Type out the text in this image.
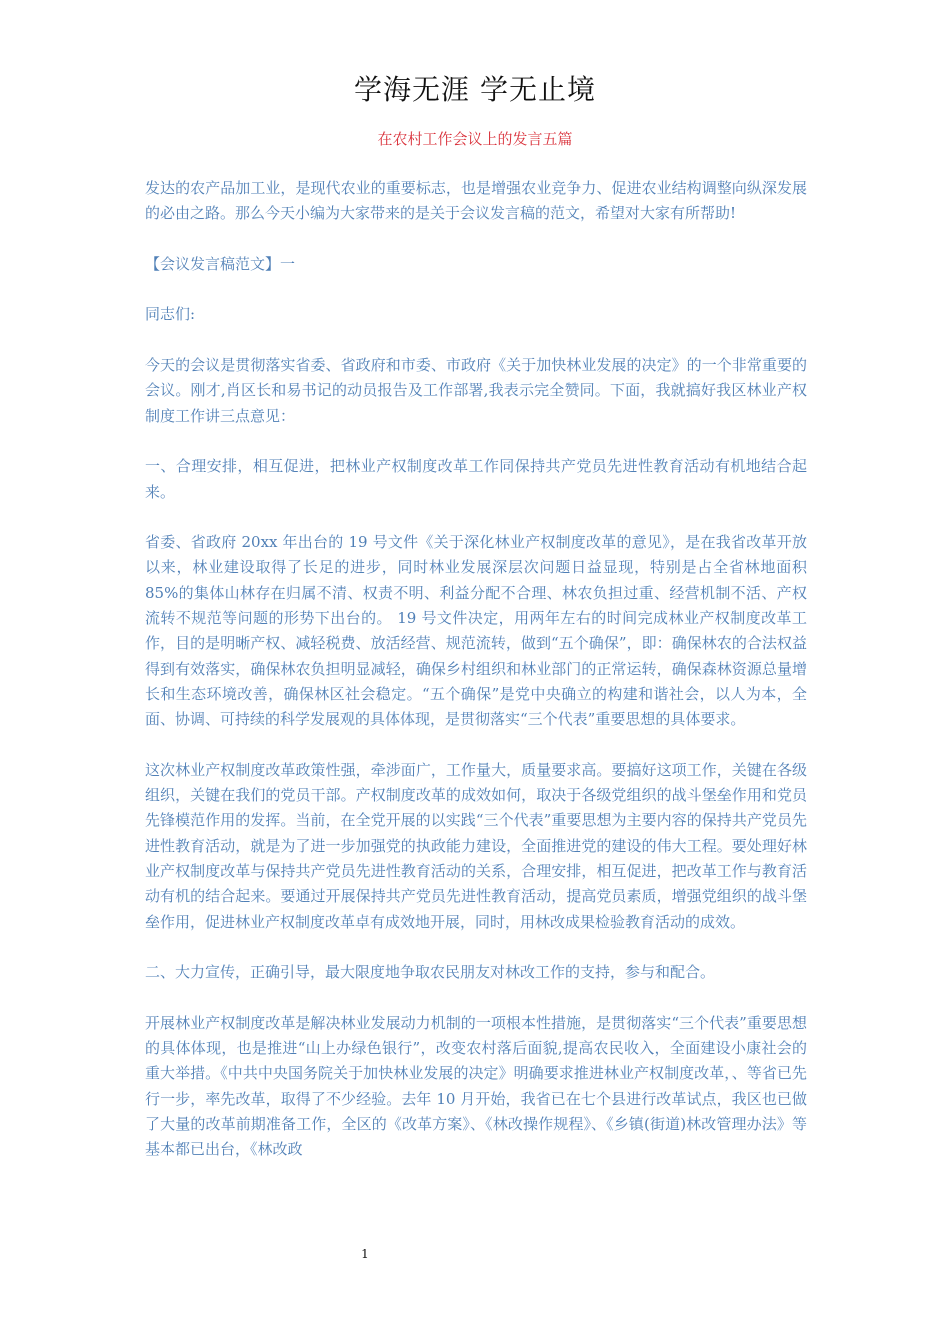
学海无涯 学无止境
在农村工作会议上的发言五篇

发达的农产品加工业，是现代农业的重要标志，也是增强农业竞争力、促进农业结构调整向纵深发展的必由之路。那么今天小编为大家带来的是关于会议发言稿的范文，希望对大家有所帮助!

【会议发言稿范文】一

同志们:

今天的会议是贯彻落实省委、省政府和市委、市政府《关于加快林业发展的决定》的一个非常重要的会议。刚才,肖区长和易书记的动员报告及工作部署,我表示完全赞同。下面，我就搞好我区林业产权制度工作讲三点意见：

一、合理安排，相互促进，把林业产权制度改革工作同保持共产党员先进性教育活动有机地结合起来。

省委、省政府 20xx 年出台的 19 号文件《关于深化林业产权制度改革的意见》，是在我省改革开放以来，林业建设取得了长足的进步，同时林业发展深层次问题日益显现，特别是占全省林地面积 85%的集体山林存在归属不清、权责不明、利益分配不合理、林农负担过重、经营机制不活、产权流转不规范等问题的形势下出台的。 19 号文件决定，用两年左右的时间完成林业产权制度改革工作，目的是明晰产权、减轻税费、放活经营、规范流转，做到“五个确保”，即：确保林农的合法权益得到有效落实，确保林农负担明显减轻，确保乡村组织和林业部门的正常运转，确保森林资源总量增长和生态环境改善，确保林区社会稳定。“五个确保”是党中央确立的构建和谐社会，以人为本，全面、协调、可持续的科学发展观的具体体现，是贯彻落实“三个代表”重要思想的具体要求。

这次林业产权制度改革政策性强，牵涉面广，工作量大，质量要求高。要搞好这项工作，关键在各级组织，关键在我们的党员干部。产权制度改革的成效如何，取决于各级党组织的战斗堡垒作用和党员先锋模范作用的发挥。当前，在全党开展的以实践“三个代表”重要思想为主要内容的保持共产党员先进性教育活动，就是为了进一步加强党的执政能力建设，全面推进党的建设的伟大工程。要处理好林业产权制度改革与保持共产党员先进性教育活动的关系，合理安排，相互促进，把改革工作与教育活动有机的结合起来。要通过开展保持共产党员先进性教育活动，提高党员素质，增强党组织的战斗堡垒作用，促进林业产权制度改革卓有成效地开展，同时，用林改成果检验教育活动的成效。

二、大力宣传，正确引导，最大限度地争取农民朋友对林改工作的支持，参与和配合。

开展林业产权制度改革是解决林业发展动力机制的一项根本性措施，是贯彻落实“三个代表”重要思想的具体体现，也是推进“山上办绿色银行”，改变农村落后面貌,提高农民收入，全面建设小康社会的重大举措。《中共中央国务院关于加快林业发展的决定》明确要求推进林业产权制度改革，、等省已先行一步，率先改革，取得了不少经验。去年 10 月开始，我省已在七个县进行改革试点，我区也已做了大量的改革前期准备工作，全区的《改革方案》、《林改操作规程》、《乡镇(街道)林改管理办法》等基本都已出台，《林改政

1
